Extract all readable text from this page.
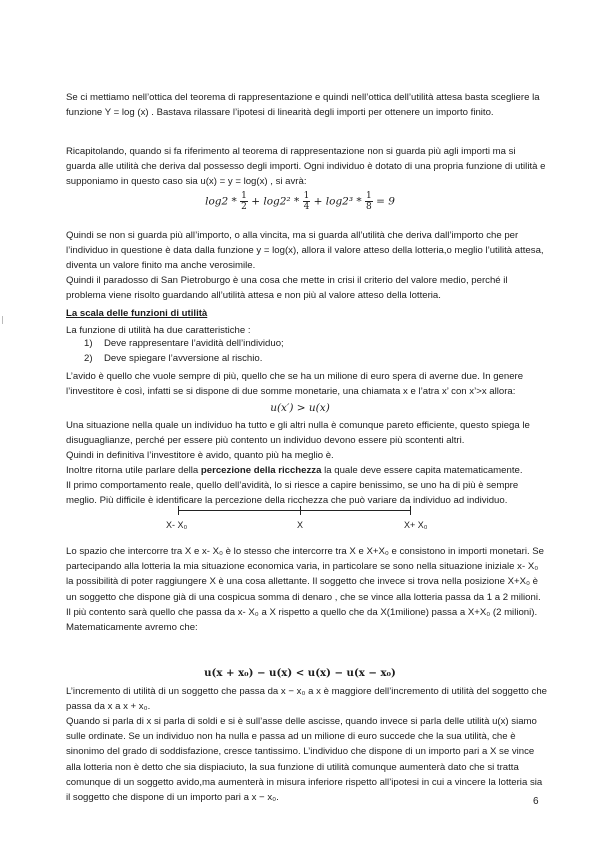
Se ci mettiamo nell’ottica del teorema di rappresentazione e quindi nell’ottica dell’utilità attesa basta scegliere la funzione Y = log (x) . Bastava rilassare l’ipotesi di linearità degli importi per ottenere un importo finito.

Ricapitolando, quando si fa riferimento al teorema di rappresentazione non si guarda più agli importi ma si guarda alle utilità che deriva dal possesso degli importi. Ogni individuo è dotato di una propria funzione di utilità e supponiamo in questo caso sia u(x) = y = log(x) , si avrà:

$\log 2 * \frac{1}{2} + \log 2^2 * \frac{1}{4} + \log 2^3 * \frac{1}{8} = 9$

Quindi se non si guarda più all’importo, o alla vincita, ma si guarda all’utilità che deriva dall’importo che per l’individuo in questione è data dalla funzione y = log(x), allora il valore atteso della lotteria,o meglio l’utilità attesa, diventa un valore finito ma anche verosimile.

Quindi il paradosso di San Pietroburgo è una cosa che mette in crisi il criterio del valore medio, perché il problema viene risolto guardando all’utilità attesa e non più al valore atteso della lotteria.

La scala delle funzioni di utilità

La funzione di utilità ha due caratteristiche :

1) Deve rappresentare l’avidità dell’individuo;
2) Deve spiegare l’avversione al rischio.

L’avido è quello che vuole sempre di più, quello che se ha un milione di euro spera di averne due. In genere l’investitore è così, infatti se si dispone di due somme monetarie, una chiamata x e l’atra x’ con x’>x allora:

u(x′) > u(x)

Una situazione nella quale un individuo ha tutto e gli altri nulla è comunque pareto efficiente, questo spiega le disuguaglianze, perché per essere più contento un individuo devono essere più scontenti altri.

Quindi in definitiva l’investitore è avido, quanto più ha meglio è.

Inoltre ritorna utile parlare della percezione della ricchezza la quale deve essere capita matematicamente.

Il primo comportamento reale, quello dell’avidità, lo si riesce a capire benissimo, se uno ha di più è sempre meglio. Più difficile è identificare la percezione della ricchezza che può variare da individuo ad individuo.

X- X₀	X	X+ X₀

Lo spazio che intercorre tra X e x- X₀ è lo stesso che intercorre tra X e X+X₀ e consistono in importi monetari. Se partecipando alla lotteria la mia situazione economica varia, in particolare se sono nella situazione iniziale x- X₀ la possibilità di poter raggiungere X è una cosa allettante. Il soggetto che invece si trova nella posizione X+X₀ è un soggetto che dispone già di una cospicua somma di denaro , che se vince alla lotteria passa da 1 a 2 milioni. Il più contento sarà quello che passa da x- X₀ a X rispetto a quello che da X(1milione) passa a X+X₀ (2 milioni). Matematicamente avremo che:

u(x + x₀) − u(x) < u(x) − u(x − x₀)

L’incremento di utilità di un soggetto che passa da x − x₀ a x è maggiore dell’incremento di utilità del soggetto che passa da x a x + x₀.

Quando si parla di x si parla di soldi e si è sull’asse delle ascisse, quando invece si parla delle utilità u(x) siamo sulle ordinate. Se un individuo non ha nulla e passa ad un milione di euro succede che la sua utilità, che è sinonimo del grado di soddisfazione, cresce tantissimo. L’individuo che dispone di un importo pari a X se vince alla lotteria non è detto che sia dispiaciuto, la sua funzione di utilità comunque aumenterà dato che si tratta comunque di un soggetto avido,ma aumenterà in misura inferiore rispetto all’ipotesi in cui a vincere la lotteria sia il soggetto che dispone di un importo pari a x − x₀.	6
